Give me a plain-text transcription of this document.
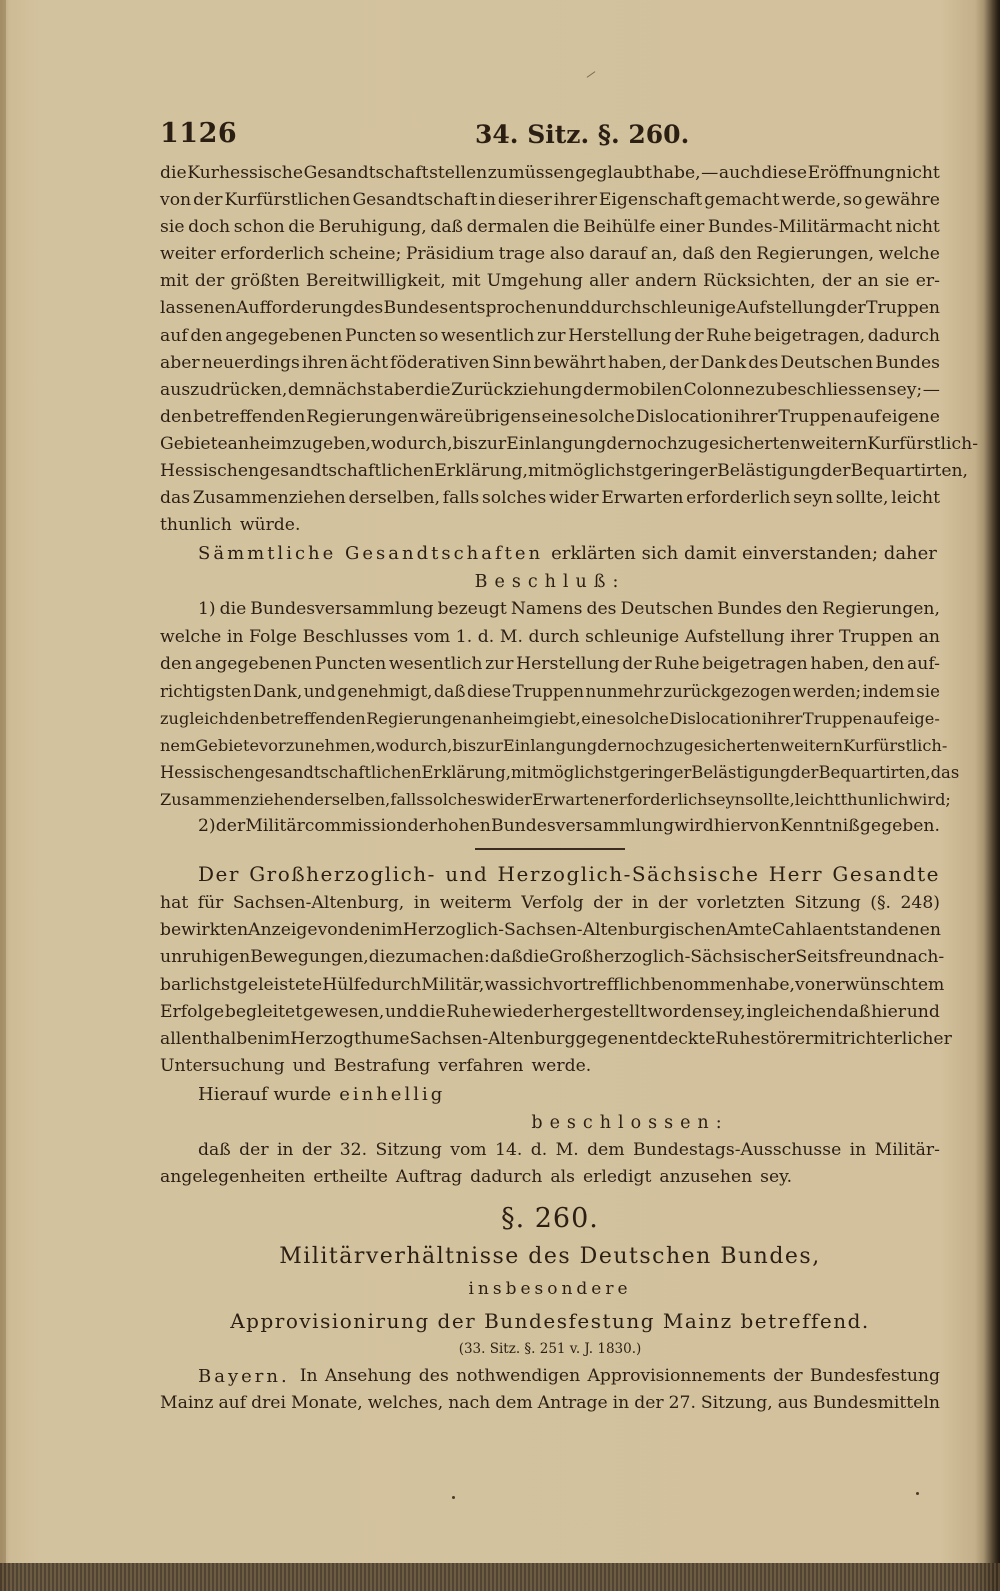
1126	34. Sitz. §. 260.
die Kurhessische Gesandtschaft stellen zu müssen geglaubt habe, — auch diese Eröffnung nicht
von der Kurfürstlichen Gesandtschaft in dieser ihrer Eigenschaft gemacht werde, so gewähre
sie doch schon die Beruhigung, daß dermalen die Beihülfe einer Bundes-Militärmacht nicht
weiter erforderlich scheine; Präsidium trage also darauf an, daß den Regierungen, welche
mit der größten Bereitwilligkeit, mit Umgehung aller andern Rücksichten, der an sie er-
lassenen Aufforderung des Bundes entsprochen und durch schleunige Aufstellung der Truppen
auf den angegebenen Puncten so wesentlich zur Herstellung der Ruhe beigetragen, dadurch
aber neuerdings ihren ächt föderativen Sinn bewährt haben, der Dank des Deutschen Bundes
auszudrücken, demnächst aber die Zurückziehung der mobilen Colonne zu beschliessen sey; —
den betreffenden Regierungen wäre übrigens eine solche Dislocation ihrer Truppen auf eigene
Gebiete anheim zu geben, wodurch, bis zur Einlangung der noch zugesicherten weitern Kurfürstlich-
Hessischen gesandtschaftlichen Erklärung, mit möglichst geringer Belästigung der Bequartirten,
das Zusammenziehen derselben, falls solches wider Erwarten erforderlich seyn sollte, leicht
thunlich würde.
Sämmtliche Gesandtschaften erklärten sich damit einverstanden; daher
Beschluß:
1) die Bundesversammlung bezeugt Namens des Deutschen Bundes den Regierungen,
welche in Folge Beschlusses vom 1. d. M. durch schleunige Aufstellung ihrer Truppen an
den angegebenen Puncten wesentlich zur Herstellung der Ruhe beigetragen haben, den auf-
richtigsten Dank, und genehmigt, daß diese Truppen nunmehr zurückgezogen werden; indem sie
zugleich den betreffenden Regierungen anheim giebt, eine solche Dislocation ihrer Truppen auf eige-
nem Gebiete vorzunehmen, wodurch, bis zur Einlangung der noch zugesicherten weitern Kurfürstlich-
Hessischen gesandtschaftlichen Erklärung, mit möglichst geringer Belästigung der Bequartirten, das
Zusammenziehen derselben, falls solches wider Erwarten erforderlich seyn sollte, leicht thunlich wird;
2) der Militärcommission der hohen Bundesversammlung wird hiervon Kenntniß gegeben.
Der Großherzoglich- und Herzoglich-Sächsische Herr Gesandte
hat für Sachsen-Altenburg, in weiterm Verfolg der in der vorletzten Sitzung (§. 248)
bewirkten Anzeige von den im Herzoglich-Sachsen-Altenburgischen Amte Cahla entstandenen
unruhigen Bewegungen, die zu machen: daß die Großherzoglich-Sächsischer Seits freundnach-
barlichst geleistete Hülfe durch Militär, was sich vortrefflich benommen habe, von erwünschtem
Erfolge begleitet gewesen, und die Ruhe wieder hergestellt worden sey, ingleichen daß hier und
allenthalben im Herzogthume Sachsen-Altenburg gegen entdeckte Ruhestörer mit richterlicher
Untersuchung und Bestrafung verfahren werde.
Hierauf wurde einhellig
beschlossen:
daß der in der 32. Sitzung vom 14. d. M. dem Bundestags-Ausschusse in Militär-
angelegenheiten ertheilte Auftrag dadurch als erledigt anzusehen sey.
§. 260.
Militärverhältnisse des Deutschen Bundes,
insbesondere
Approvisionirung der Bundesfestung Mainz betreffend.
(33. Sitz. §. 251 v. J. 1830.)
Bayern. In Ansehung des nothwendigen Approvisionnements der Bundesfestung
Mainz auf drei Monate, welches, nach dem Antrage in der 27. Sitzung, aus Bundesmitteln
